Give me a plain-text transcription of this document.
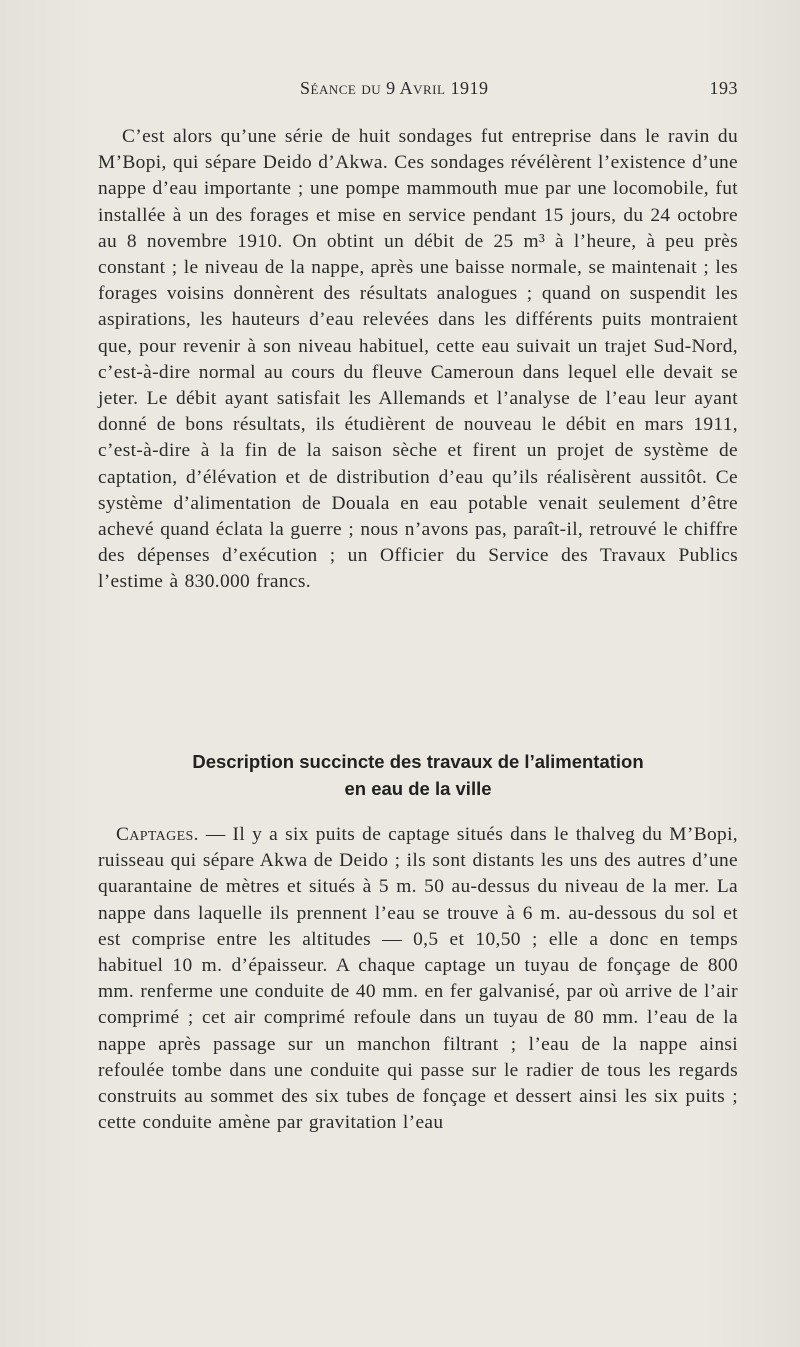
Séance du 9 Avril 1919	193

C’est alors qu’une série de huit sondages fut entreprise dans le ravin du M’Bopi, qui sépare Deido d’Akwa. Ces sondages révélèrent l’existence d’une nappe d’eau importante ; une pompe mammouth mue par une locomobile, fut installée à un des forages et mise en service pendant 15 jours, du 24 octobre au 8 novembre 1910. On obtint un débit de 25 m³ à l’heure, à peu près constant ; le niveau de la nappe, après une baisse normale, se maintenait ; les forages voisins donnèrent des résultats analogues ; quand on suspendit les aspirations, les hauteurs d’eau relevées dans les différents puits montraient que, pour revenir à son niveau habituel, cette eau suivait un trajet Sud-Nord, c’est-à-dire normal au cours du fleuve Cameroun dans lequel elle devait se jeter. Le débit ayant satisfait les Allemands et l’analyse de l’eau leur ayant donné de bons résultats, ils étudièrent de nouveau le débit en mars 1911, c’est-à-dire à la fin de la saison sèche et firent un projet de système de captation, d’élévation et de distribution d’eau qu’ils réalisèrent aussitôt. Ce système d’alimentation de Douala en eau potable venait seulement d’être achevé quand éclata la guerre ; nous n’avons pas, paraît-il, retrouvé le chiffre des dépenses d’exécution ; un Officier du Service des Travaux Publics l’estime à 830.000 francs.

Description succincte des travaux de l’alimentation
en eau de la ville

Captages. — Il y a six puits de captage situés dans le thalveg du M’Bopi, ruisseau qui sépare Akwa de Deido ; ils sont distants les uns des autres d’une quarantaine de mètres et situés à 5 m. 50 au-dessus du niveau de la mer. La nappe dans laquelle ils prennent l’eau se trouve à 6 m. au-dessous du sol et est comprise entre les altitudes — 0,5 et 10,50 ; elle a donc en temps habituel 10 m. d’épaisseur. A chaque captage un tuyau de fonçage de 800 mm. renferme une conduite de 40 mm. en fer galvanisé, par où arrive de l’air comprimé ; cet air comprimé refoule dans un tuyau de 80 mm. l’eau de la nappe après passage sur un manchon filtrant ; l’eau de la nappe ainsi refoulée tombe dans une conduite qui passe sur le radier de tous les regards construits au sommet des six tubes de fonçage et dessert ainsi les six puits ; cette conduite amène par gravitation l’eau
